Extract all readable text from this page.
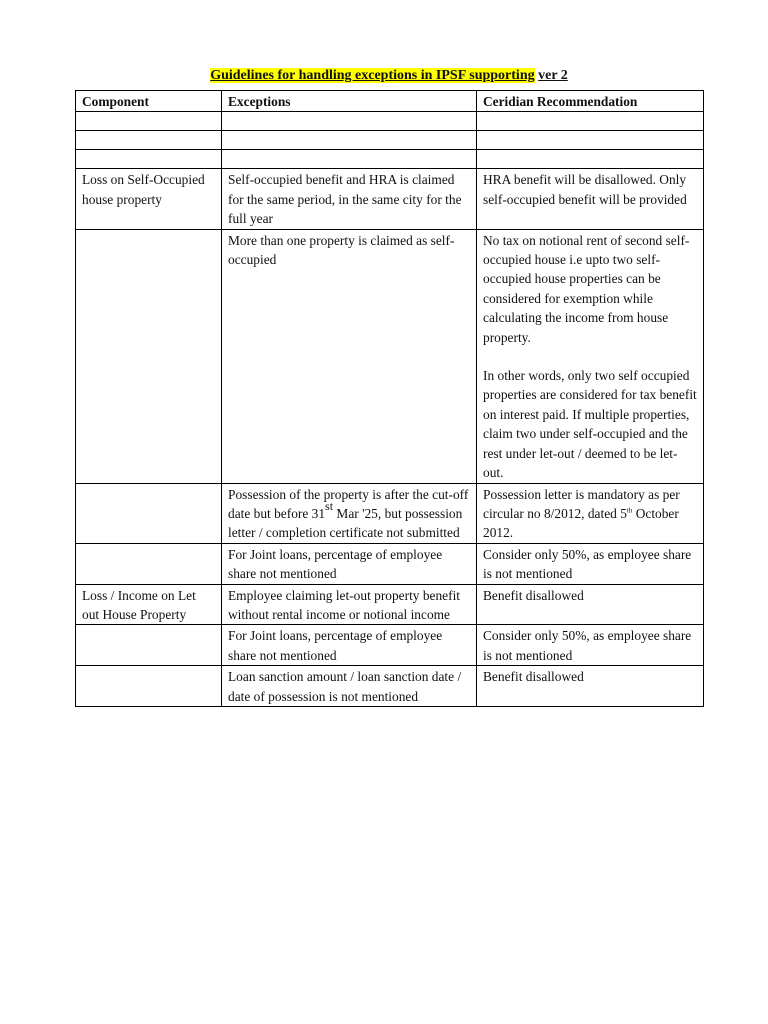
Guidelines for handling exceptions in IPSF supporting ver 2
Component	Exceptions	Ceridian Recommendation

Loss on Self-Occupied house property	Self-occupied benefit and HRA is claimed for the same period, in the same city for the full year	HRA benefit will be disallowed. Only self-occupied benefit will be provided
	More than one property is claimed as self-occupied	No tax on notional rent of second self-occupied house i.e upto two self-occupied house properties can be considered for exemption while calculating the income from house property.
In other words, only two self occupied properties are considered for tax benefit on interest paid. If multiple properties, claim two under self-occupied and the rest under let-out / deemed to be let-out.

	Possession of the property is after the cut-off date but before 31st Mar '25, but possession letter / completion certificate not submitted	Possession letter is mandatory as per circular no 8/2012, dated 5th October 2012.
	For Joint loans, percentage of employee share not mentioned	Consider only 50%, as employee share is not mentioned
Loss / Income on Let out House Property	Employee claiming let-out property benefit without rental income or notional income	Benefit disallowed
	For Joint loans, percentage of employee share not mentioned	Consider only 50%, as employee share is not mentioned
	Loan sanction amount / loan sanction date / date of possession is not mentioned	Benefit disallowed
